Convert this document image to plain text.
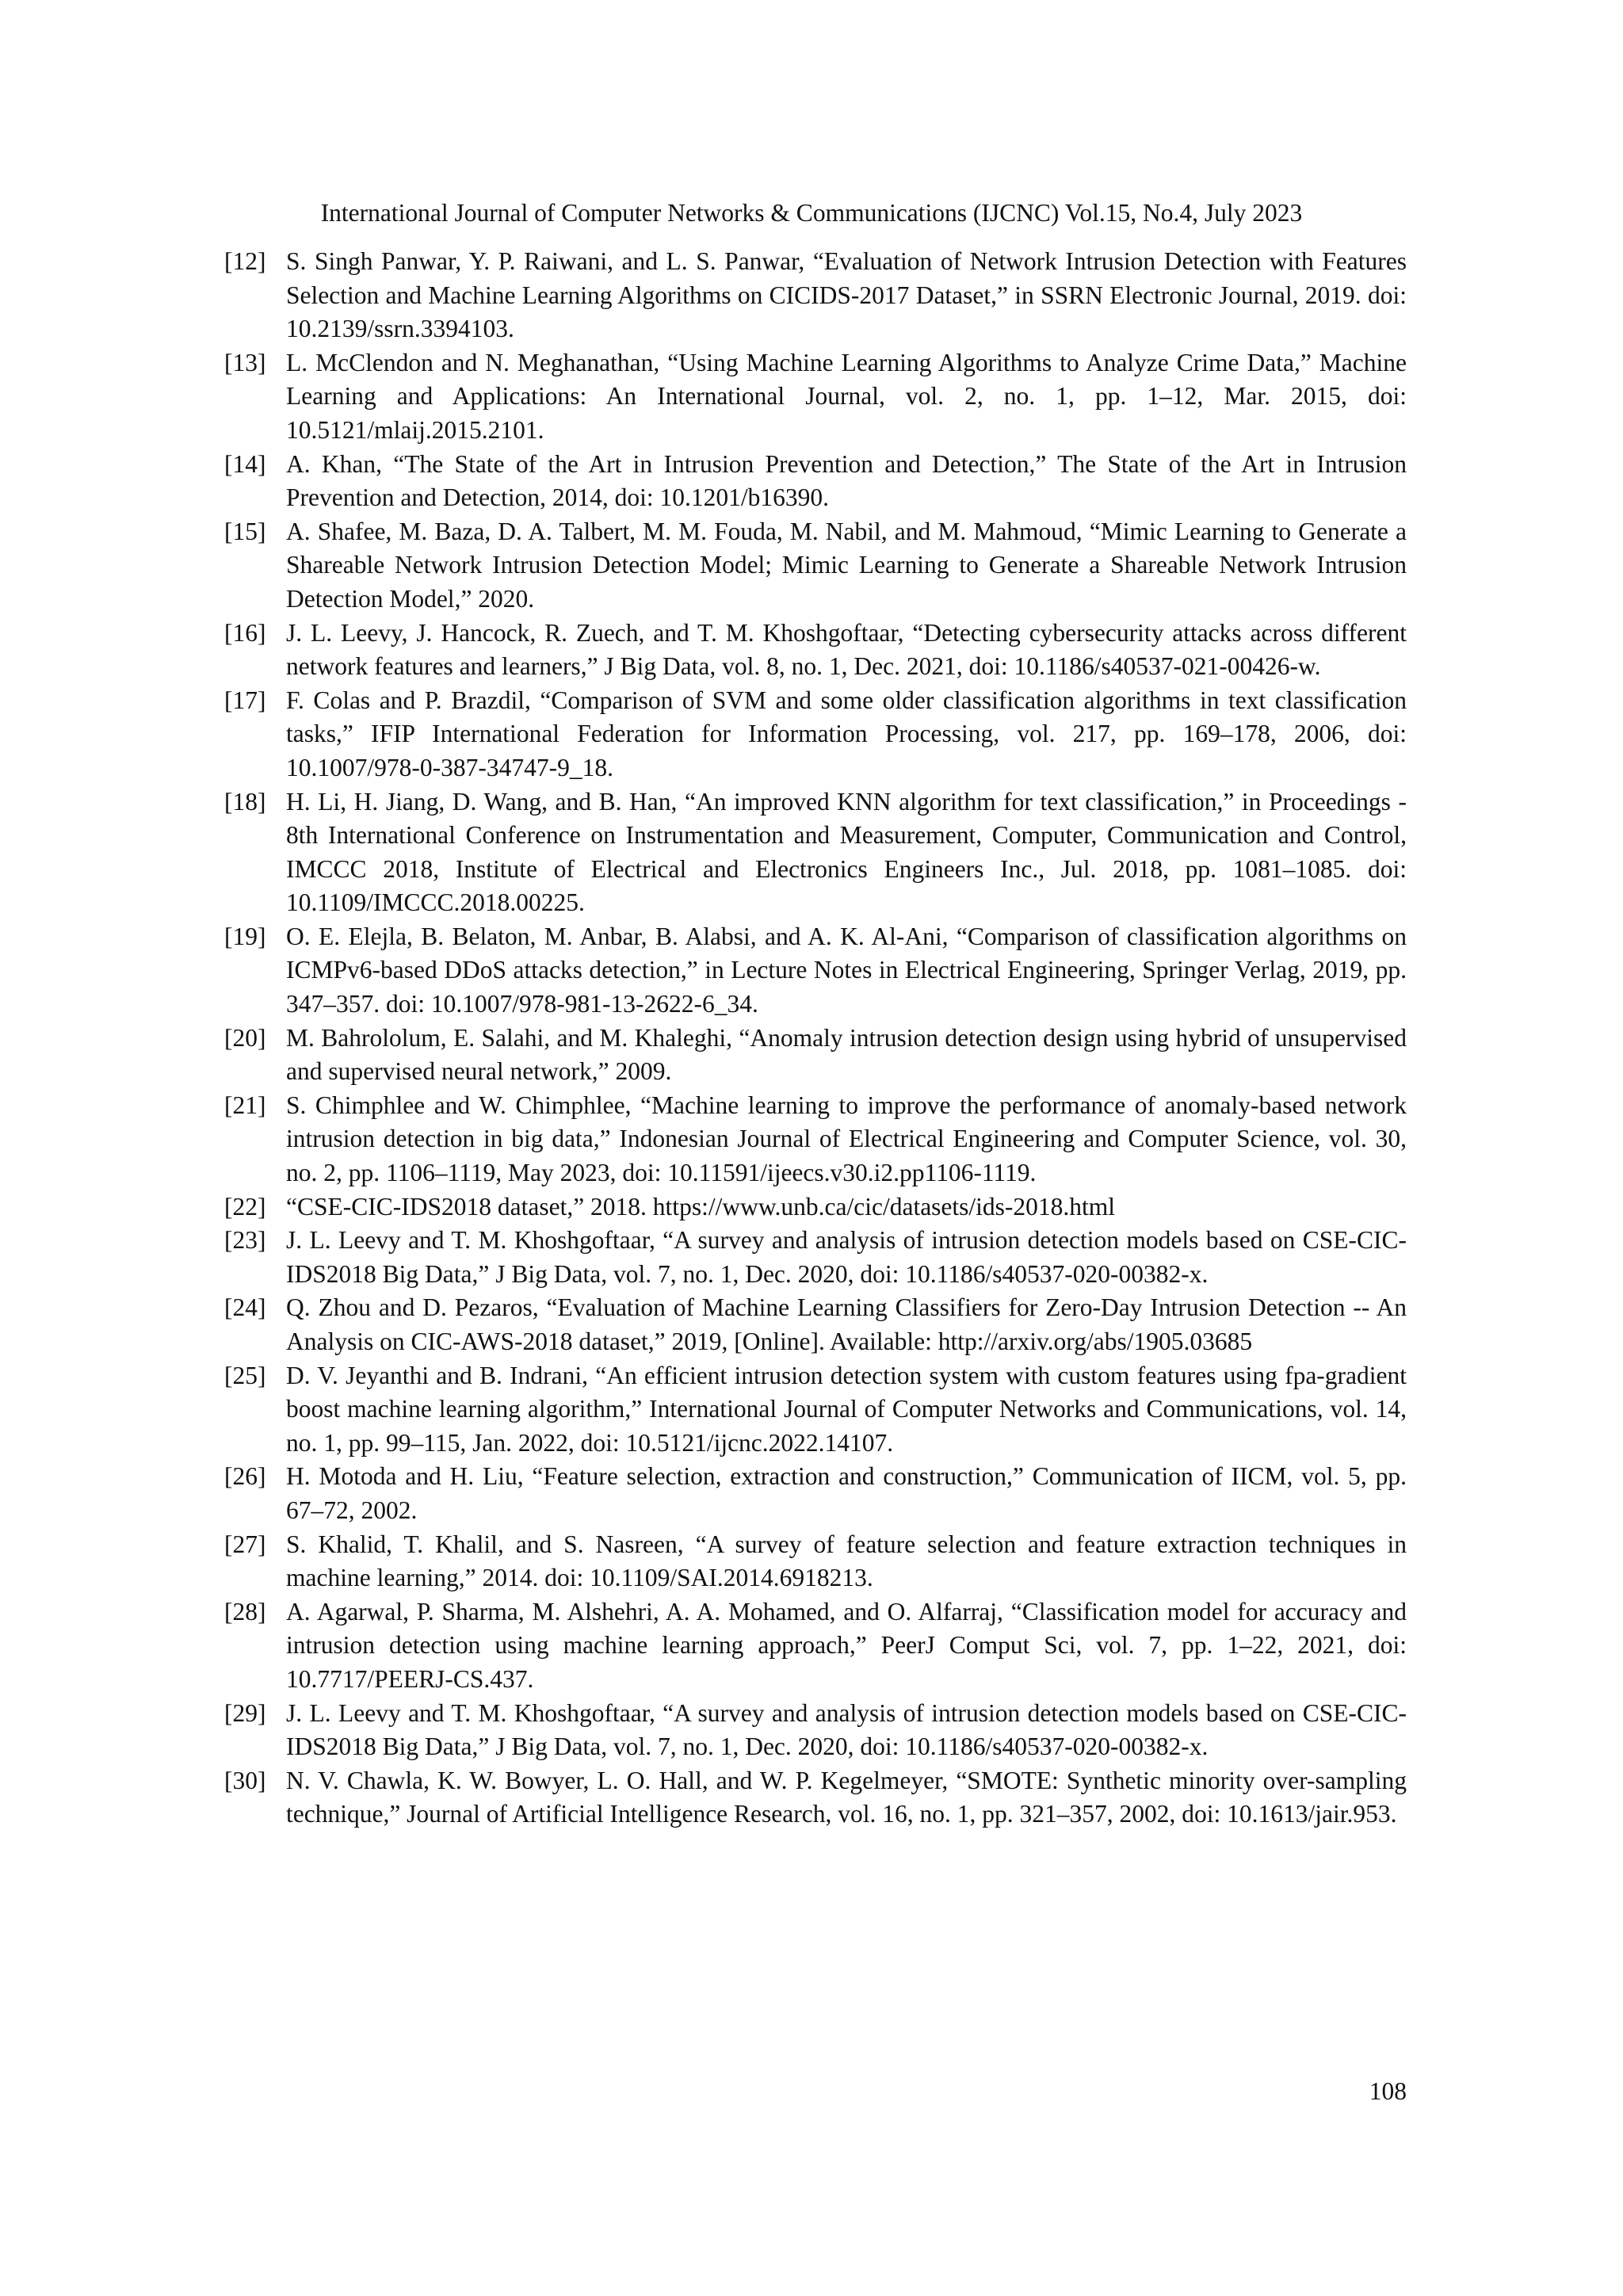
International Journal of Computer Networks & Communications (IJCNC) Vol.15, No.4, July 2023
[12] S. Singh Panwar, Y. P. Raiwani, and L. S. Panwar, “Evaluation of Network Intrusion Detection with Features Selection and Machine Learning Algorithms on CICIDS-2017 Dataset,” in SSRN Electronic Journal, 2019. doi: 10.2139/ssrn.3394103.
[13] L. McClendon and N. Meghanathan, “Using Machine Learning Algorithms to Analyze Crime Data,” Machine Learning and Applications: An International Journal, vol. 2, no. 1, pp. 1–12, Mar. 2015, doi: 10.5121/mlaij.2015.2101.
[14] A. Khan, “The State of the Art in Intrusion Prevention and Detection,” The State of the Art in Intrusion Prevention and Detection, 2014, doi: 10.1201/b16390.
[15] A. Shafee, M. Baza, D. A. Talbert, M. M. Fouda, M. Nabil, and M. Mahmoud, “Mimic Learning to Generate a Shareable Network Intrusion Detection Model; Mimic Learning to Generate a Shareable Network Intrusion Detection Model,” 2020.
[16] J. L. Leevy, J. Hancock, R. Zuech, and T. M. Khoshgoftaar, “Detecting cybersecurity attacks across different network features and learners,” J Big Data, vol. 8, no. 1, Dec. 2021, doi: 10.1186/s40537-021-00426-w.
[17] F. Colas and P. Brazdil, “Comparison of SVM and some older classification algorithms in text classification tasks,” IFIP International Federation for Information Processing, vol. 217, pp. 169–178, 2006, doi: 10.1007/978-0-387-34747-9_18.
[18] H. Li, H. Jiang, D. Wang, and B. Han, “An improved KNN algorithm for text classification,” in Proceedings - 8th International Conference on Instrumentation and Measurement, Computer, Communication and Control, IMCCC 2018, Institute of Electrical and Electronics Engineers Inc., Jul. 2018, pp. 1081–1085. doi: 10.1109/IMCCC.2018.00225.
[19] O. E. Elejla, B. Belaton, M. Anbar, B. Alabsi, and A. K. Al-Ani, “Comparison of classification algorithms on ICMPv6-based DDoS attacks detection,” in Lecture Notes in Electrical Engineering, Springer Verlag, 2019, pp. 347–357. doi: 10.1007/978-981-13-2622-6_34.
[20] M. Bahrololum, E. Salahi, and M. Khaleghi, “Anomaly intrusion detection design using hybrid of unsupervised and supervised neural network,” 2009.
[21] S. Chimphlee and W. Chimphlee, “Machine learning to improve the performance of anomaly-based network intrusion detection in big data,” Indonesian Journal of Electrical Engineering and Computer Science, vol. 30, no. 2, pp. 1106–1119, May 2023, doi: 10.11591/ijeecs.v30.i2.pp1106-1119.
[22] “CSE-CIC-IDS2018 dataset,” 2018. https://www.unb.ca/cic/datasets/ids-2018.html
[23] J. L. Leevy and T. M. Khoshgoftaar, “A survey and analysis of intrusion detection models based on CSE-CIC-IDS2018 Big Data,” J Big Data, vol. 7, no. 1, Dec. 2020, doi: 10.1186/s40537-020-00382-x.
[24] Q. Zhou and D. Pezaros, “Evaluation of Machine Learning Classifiers for Zero-Day Intrusion Detection -- An Analysis on CIC-AWS-2018 dataset,” 2019, [Online]. Available: http://arxiv.org/abs/1905.03685
[25] D. V. Jeyanthi and B. Indrani, “An efficient intrusion detection system with custom features using fpa-gradient boost machine learning algorithm,” International Journal of Computer Networks and Communications, vol. 14, no. 1, pp. 99–115, Jan. 2022, doi: 10.5121/ijcnc.2022.14107.
[26] H. Motoda and H. Liu, “Feature selection, extraction and construction,” Communication of IICM, vol. 5, pp. 67–72, 2002.
[27] S. Khalid, T. Khalil, and S. Nasreen, “A survey of feature selection and feature extraction techniques in machine learning,” 2014. doi: 10.1109/SAI.2014.6918213.
[28] A. Agarwal, P. Sharma, M. Alshehri, A. A. Mohamed, and O. Alfarraj, “Classification model for accuracy and intrusion detection using machine learning approach,” PeerJ Comput Sci, vol. 7, pp. 1–22, 2021, doi: 10.7717/PEERJ-CS.437.
[29] J. L. Leevy and T. M. Khoshgoftaar, “A survey and analysis of intrusion detection models based on CSE-CIC-IDS2018 Big Data,” J Big Data, vol. 7, no. 1, Dec. 2020, doi: 10.1186/s40537-020-00382-x.
[30] N. V. Chawla, K. W. Bowyer, L. O. Hall, and W. P. Kegelmeyer, “SMOTE: Synthetic minority over-sampling technique,” Journal of Artificial Intelligence Research, vol. 16, no. 1, pp. 321–357, 2002, doi: 10.1613/jair.953.
108
